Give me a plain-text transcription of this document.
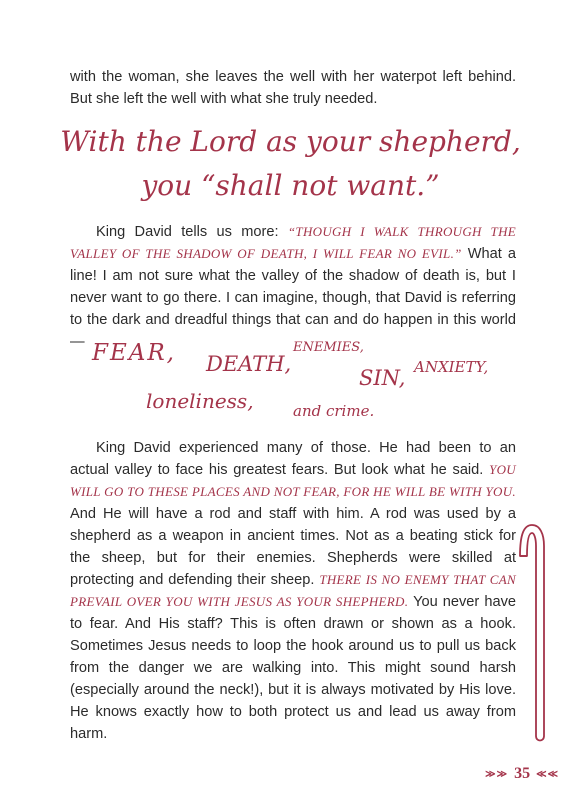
with the woman, she leaves the well with her waterpot left behind. But she left the well with what she truly needed.

With the Lord as your shepherd,
you “shall not want.”

King David tells us more: “THOUGH I WALK THROUGH THE VALLEY OF THE SHADOW OF DEATH, I WILL FEAR NO EVIL.” What a line! I am not sure what the valley of the shadow of death is, but I never want to go there. I can imagine, though, that David is referring to the dark and dreadful things that can and do happen in this world— FEAR, DEATH,
ENEMIES,
SIN, ANXIETY,
loneliness,	and crime.

King David experienced many of those. He had been to an actual valley to face his greatest fears. But look what he said. YOU WILL GO TO THESE PLACES AND NOT FEAR, FOR HE WILL BE WITH YOU. And He will have a rod and staff with him. A rod was used by a shepherd as a weapon in ancient times. Not as a beating stick for the sheep, but for their enemies. Shepherds were skilled at protecting and defending their sheep. THERE IS NO ENEMY THAT CAN PREVAIL OVER YOU WITH JESUS AS YOUR SHEPHERD. You never have to fear. And His staff? This is often drawn or shown as a hook. Sometimes Jesus needs to loop the hook around us to pull us back from the danger we are walking into. This might sound harsh (especially around the neck!), but it is always motivated by His love. He knows exactly how to both protect us and lead us away from harm.

≫≫ 35 ≪≪
